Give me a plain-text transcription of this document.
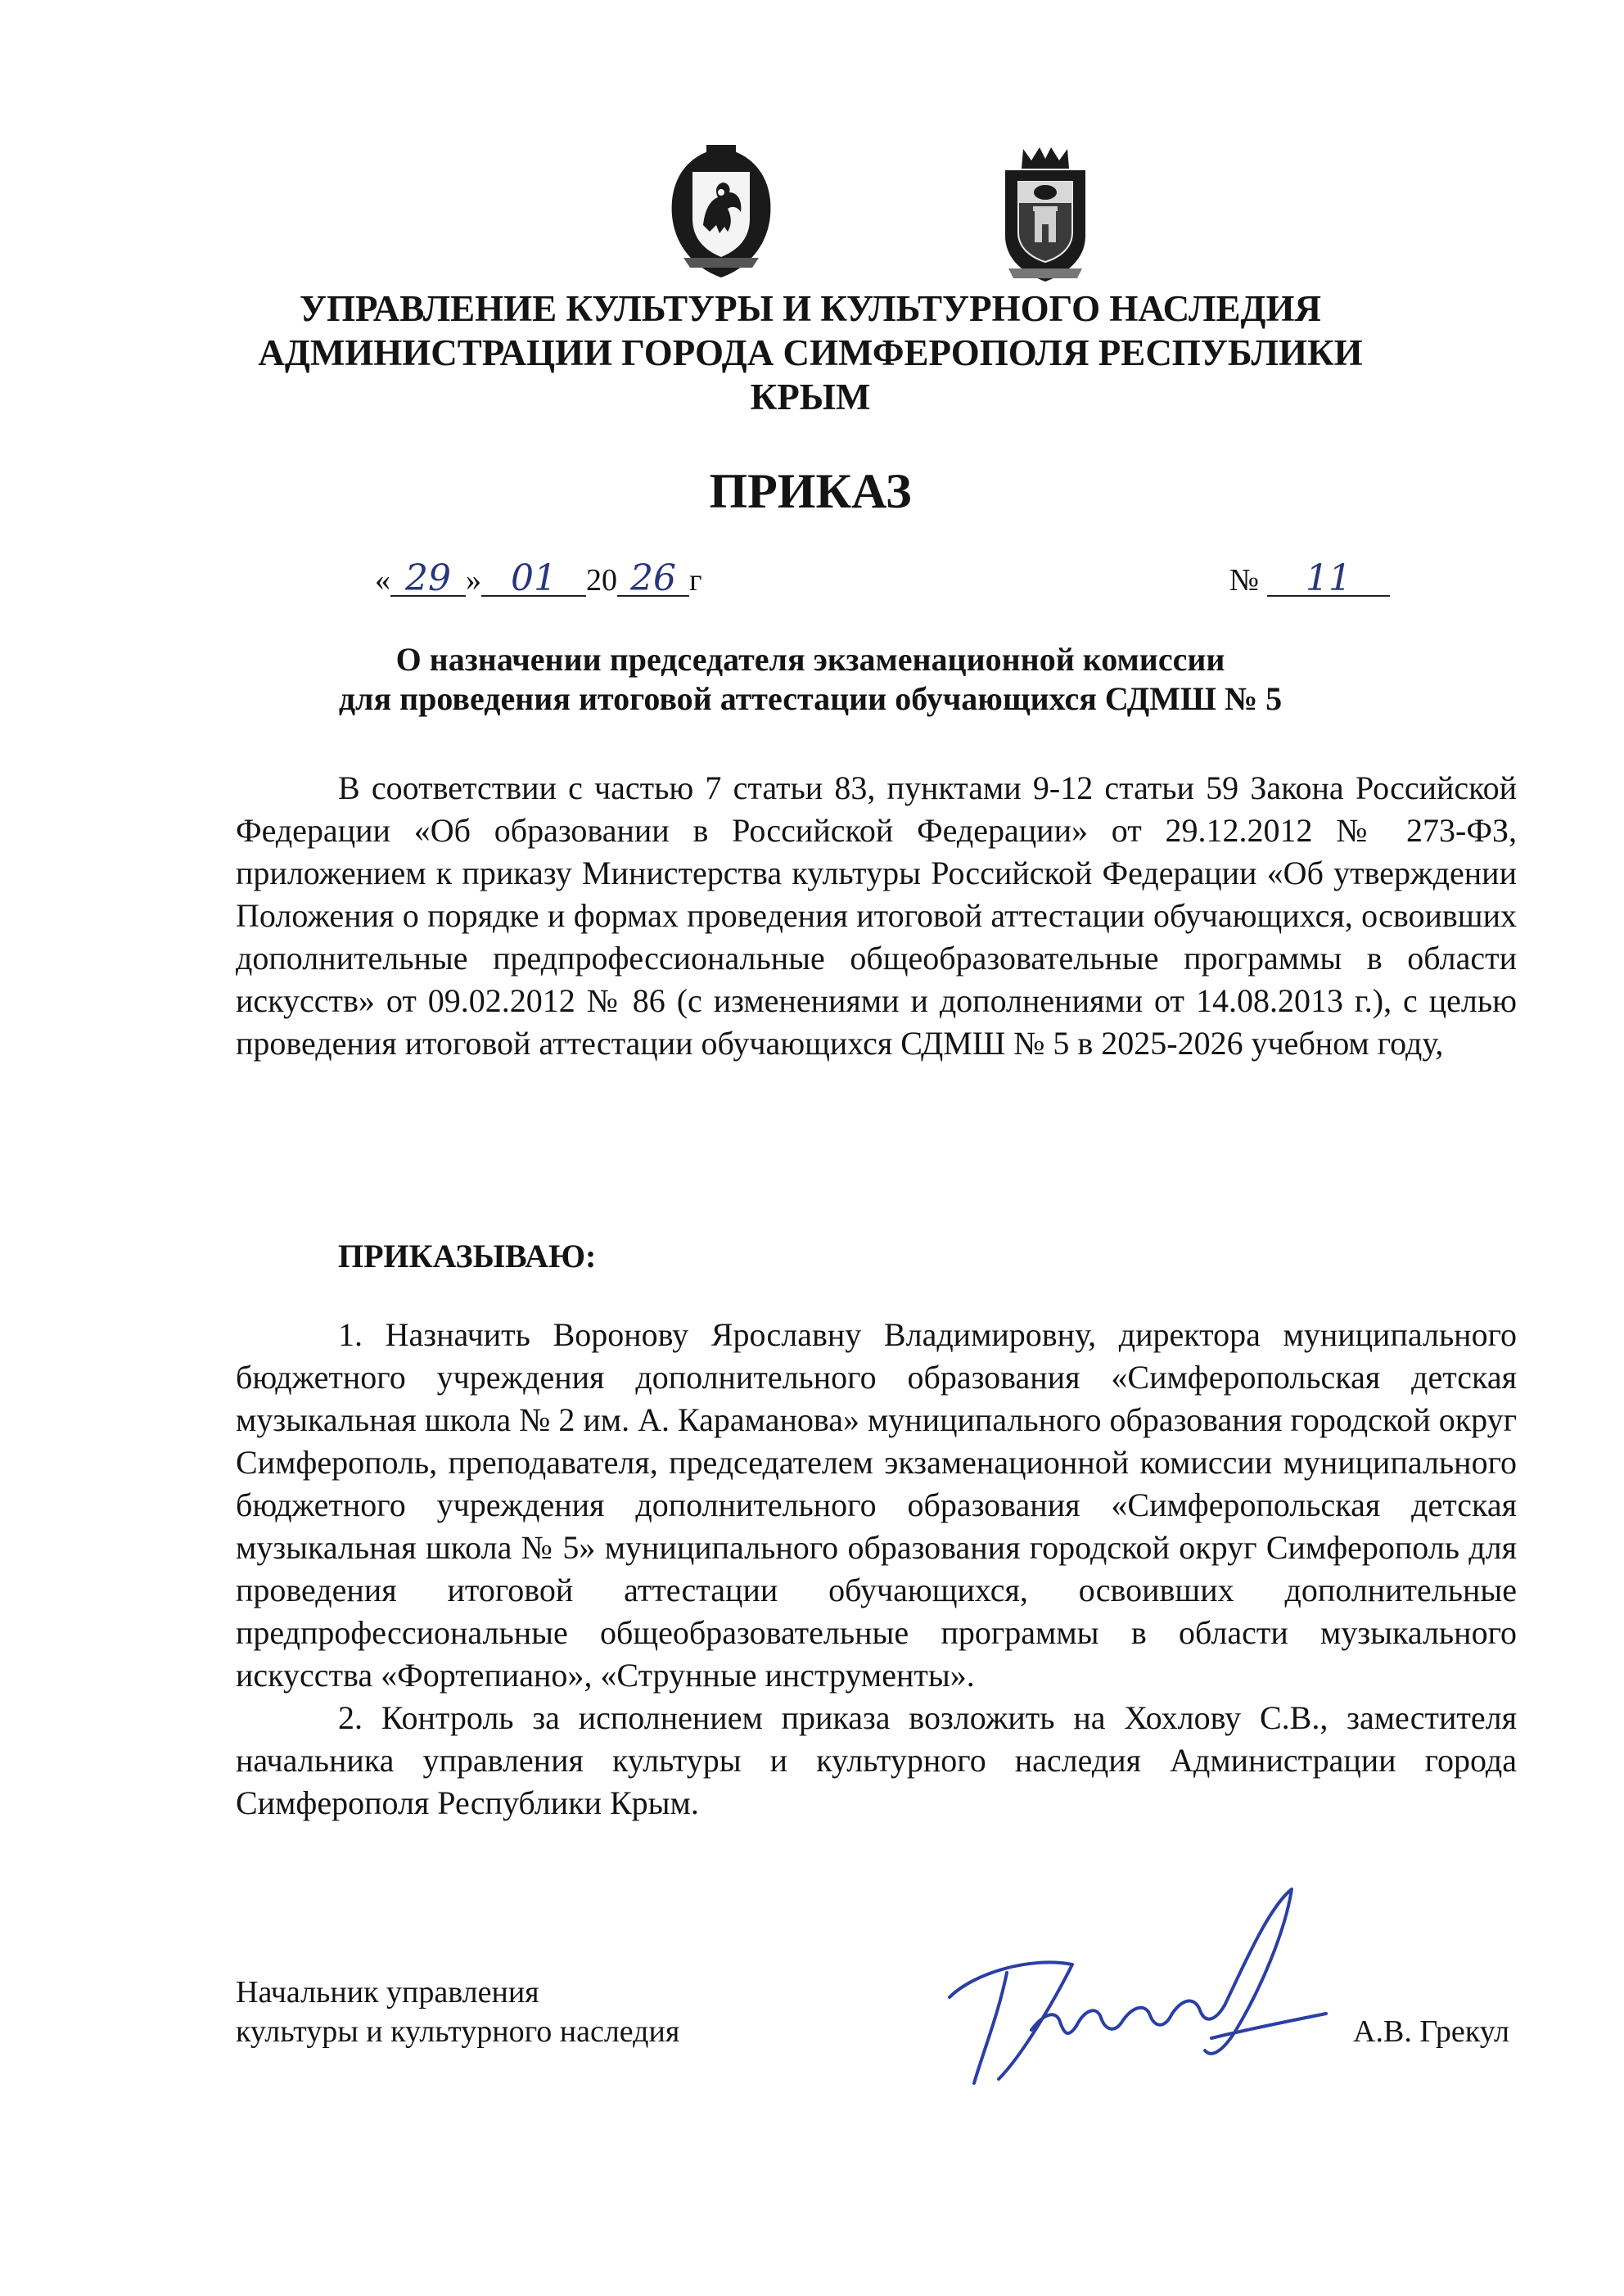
УПРАВЛЕНИЕ КУЛЬТУРЫ И КУЛЬТУРНОГО НАСЛЕДИЯ
АДМИНИСТРАЦИИ ГОРОДА СИМФЕРОПОЛЯ РЕСПУБЛИКИ
КРЫМ
ПРИКАЗ
« 29 » 01 20 26 г	№ 11
О назначении председателя экзаменационной комиссии
для проведения итоговой аттестации обучающихся СДМШ № 5

В соответствии с частью 7 статьи 83, пунктами 9-12 статьи 59 Закона Российской Федерации «Об образовании в Российской Федерации» от 29.12.2012 № 273-ФЗ, приложением к приказу Министерства культуры Российской Федерации «Об утверждении Положения о порядке и формах проведения итоговой аттестации обучающихся, освоивших дополнительные предпрофессиональные общеобразовательные программы в области искусств» от 09.02.2012 № 86 (с изменениями и дополнениями от 14.08.2013 г.), с целью проведения итоговой аттестации обучающихся СДМШ № 5 в 2025-2026 учебном году,

ПРИКАЗЫВАЮ:

1. Назначить Воронову Ярославну Владимировну, директора муниципального бюджетного учреждения дополнительного образования «Симферопольская детская музыкальная школа № 2 им. А. Караманова» муниципального образования городской округ Симферополь, преподавателя, председателем экзаменационной комиссии муниципального бюджетного учреждения дополнительного образования «Симферопольская детская музыкальная школа № 5» муниципального образования городской округ Симферополь для проведения итоговой аттестации обучающихся, освоивших дополнительные предпрофессиональные общеобразовательные программы в области музыкального искусства «Фортепиано», «Струнные инструменты».

2. Контроль за исполнением приказа возложить на Хохлову С.В., заместителя начальника управления культуры и культурного наследия Администрации города Симферополя Республики Крым.

Начальник управления
культуры и культурного наследия	А.В. Грекул
